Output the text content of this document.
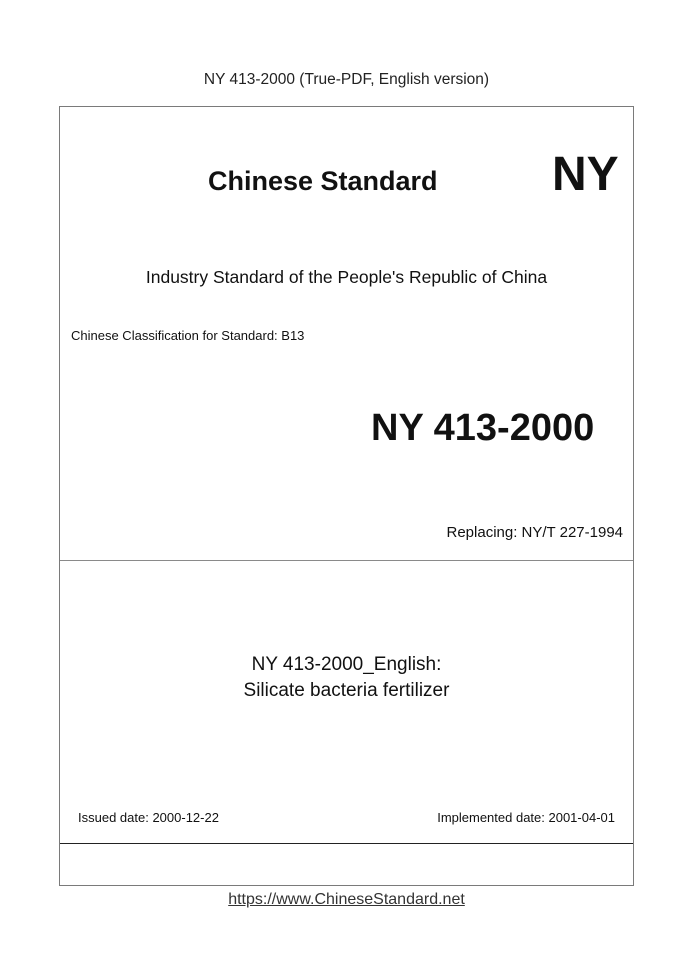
NY 413-2000 (True-PDF, English version)
Chinese Standard NY
Industry Standard of the People's Republic of China
Chinese Classification for Standard: B13
NY 413-2000
Replacing: NY/T 227-1994
NY 413-2000_English:
Silicate bacteria fertilizer
Issued date: 2000-12-22	Implemented date: 2001-04-01
https://www.ChineseStandard.net
